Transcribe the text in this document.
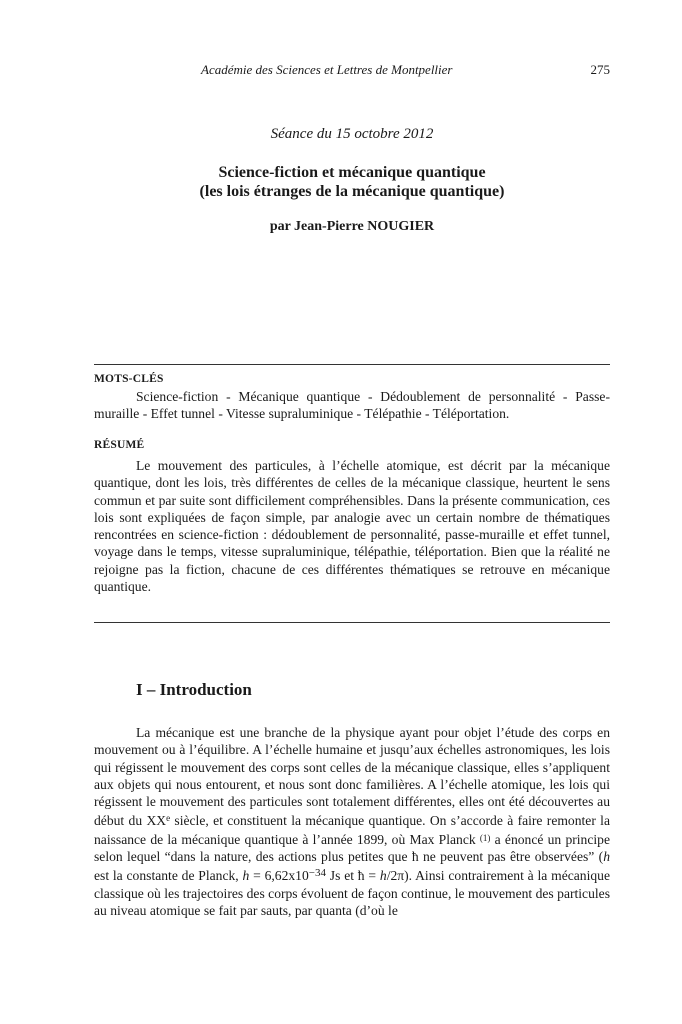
Académie des Sciences et Lettres de Montpellier	275
Séance du 15 octobre 2012
Science-fiction et mécanique quantique
(les lois étranges de la mécanique quantique)
par Jean-Pierre NOUGIER
MOTS-CLÉS
Science-fiction - Mécanique quantique - Dédoublement de personnalité - Passe-muraille - Effet tunnel - Vitesse supraluminique - Télépathie - Téléportation.
RÉSUMÉ
Le mouvement des particules, à l’échelle atomique, est décrit par la mécanique quantique, dont les lois, très différentes de celles de la mécanique classique, heurtent le sens commun et par suite sont difficilement compréhensibles. Dans la présente communication, ces lois sont expliquées de façon simple, par analogie avec un certain nombre de thématiques rencontrées en science-fiction : dédoublement de personnalité, passe-muraille et effet tunnel, voyage dans le temps, vitesse supraluminique, télépathie, téléportation. Bien que la réalité ne rejoigne pas la fiction, chacune de ces différentes thématiques se retrouve en mécanique quantique.
I – Introduction
La mécanique est une branche de la physique ayant pour objet l’étude des corps en mouvement ou à l’équilibre. A l’échelle humaine et jusqu’aux échelles astronomiques, les lois qui régissent le mouvement des corps sont celles de la mécanique classique, elles s’appliquent aux objets qui nous entourent, et nous sont donc familières. A l’échelle atomique, les lois qui régissent le mouvement des particules sont totalement différentes, elles ont été découvertes au début du XXe siècle, et constituent la mécanique quantique. On s’accorde à faire remonter la naissance de la mécanique quantique à l’année 1899, où Max Planck $^{(1)}$ a énoncé un principe selon lequel “dans la nature, des actions plus petites que ħ ne peuvent pas être observées” (h est la constante de Planck, $h = 6,62x10^{-34}$ Js et ħ = h/2π). Ainsi contrairement à la mécanique classique où les trajectoires des corps évoluent de façon continue, le mouvement des particules au niveau atomique se fait par sauts, par quanta (d’où le
